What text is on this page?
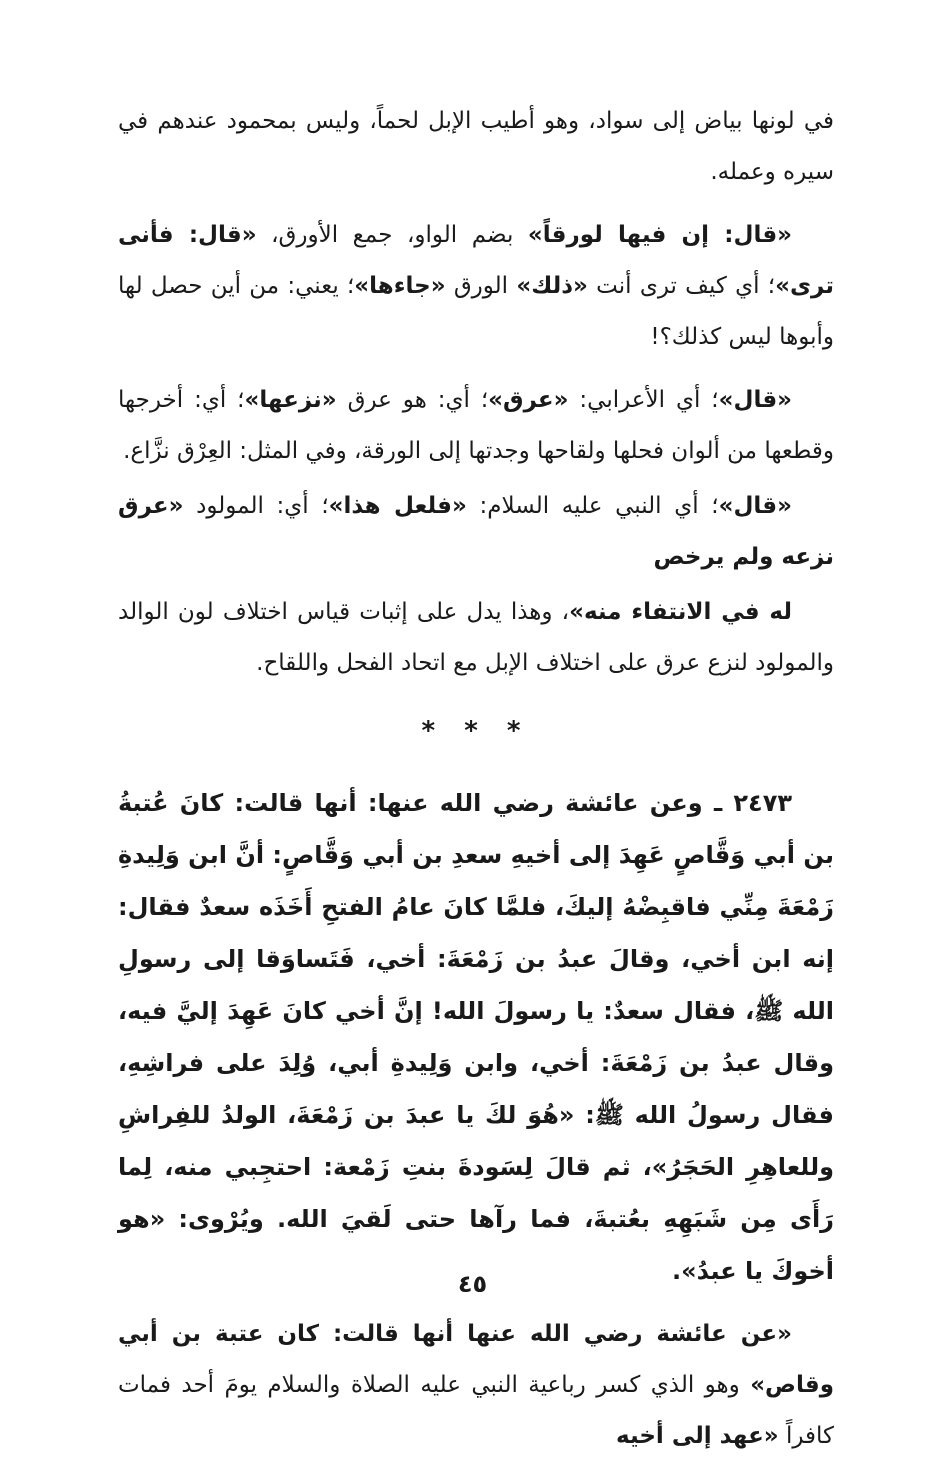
في لونها بياض إلى سواد، وهو أطيب الإبل لحماً، وليس بمحمود عندهم في سيره وعمله.

«قال: إن فيها لورقاً» بضم الواو، جمع الأورق، «قال: فأنى ترى»؛ أي كيف ترى أنت «ذلك» الورق «جاءها»؛ يعني: من أين حصل لها وأبوها ليس كذلك؟!

«قال»؛ أي الأعرابي: «عرق»؛ أي: هو عرق «نزعها»؛ أي: أخرجها وقطعها من ألوان فحلها ولقاحها وجدتها إلى الورقة، وفي المثل: العِرْق نزَّاع.

«قال»؛ أي النبي عليه السلام: «فلعل هذا»؛ أي: المولود «عرق نزعه ولم يرخص

له في الانتفاء منه»، وهذا يدل على إثبات قياس اختلاف لون الوالد والمولود لنزع عرق على اختلاف الإبل مع اتحاد الفحل واللقاح.

* * *

٢٤٧٣ ـ وعن عائشة رضي الله عنها: أنها قالت: كانَ عُتبةُ بن أبي وَقَّاصٍ عَهِدَ إلى أخيهِ سعدِ بن أبي وَقَّاصٍ: أنَّ ابن وَلِيدةِ زَمْعَةَ مِنِّي فاقبِضْهُ إليكَ، فلمَّا كانَ عامُ الفتحِ أَخَذَه سعدٌ فقال: إنه ابن أخي، وقالَ عبدُ بن زَمْعَةَ: أخي، فَتَساوَقا إلى رسولِ الله ﷺ، فقال سعدٌ: يا رسولَ الله! إنَّ أخي كانَ عَهِدَ إليَّ فيه، وقال عبدُ بن زَمْعَةَ: أخي، وابن وَلِيدةِ أبي، وُلِدَ على فراشِهِ، فقال رسولُ الله ﷺ: «هُوَ لكَ يا عبدَ بن زَمْعَةَ، الولدُ للفِراشِ وللعاهِرِ الحَجَرُ»، ثم قالَ لِسَودةَ بنتِ زَمْعة: احتجِبي منه، لِما رَأَى مِن شَبَهِهِ بعُتبةَ، فما رآها حتى لَقيَ الله. ويُرْوى: «هو أخوكَ يا عبدُ».

«عن عائشة رضي الله عنها أنها قالت: كان عتبة بن أبي وقاص» وهو الذي كسر رباعية النبي عليه الصلاة والسلام يومَ أحد فمات كافراً «عهد إلى أخيه

٤٥
